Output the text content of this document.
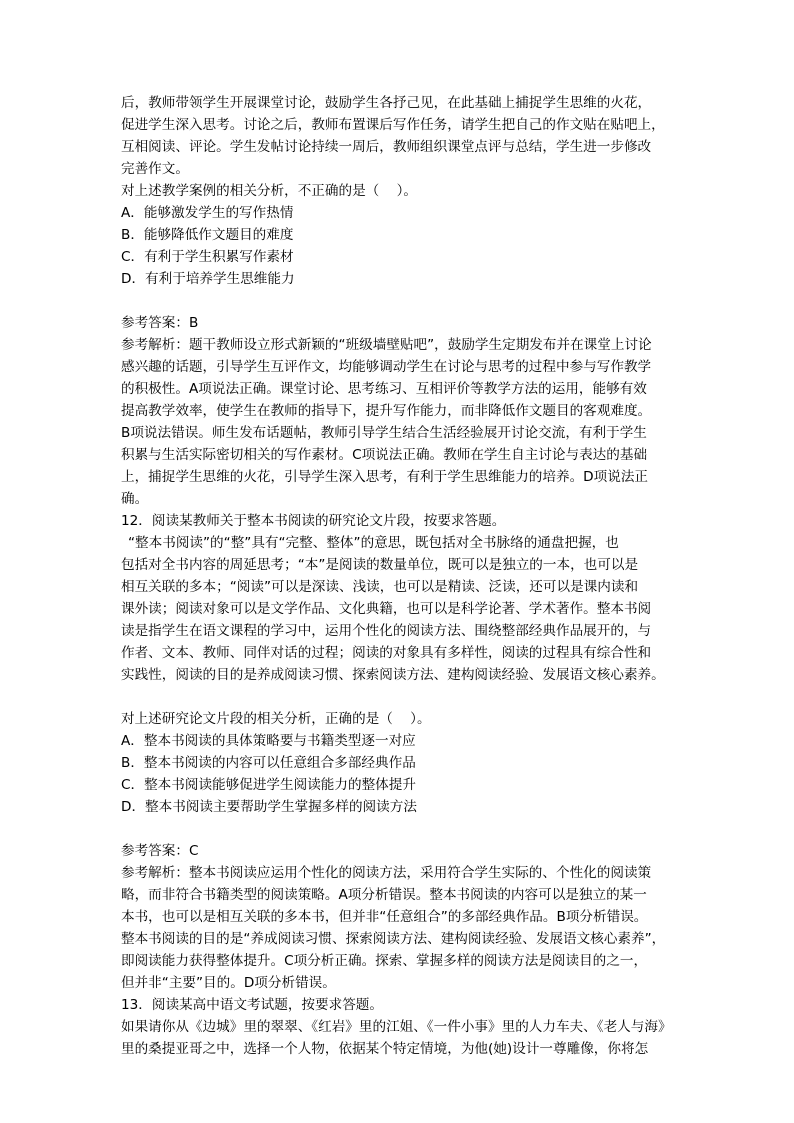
后，教师带领学生开展课堂讨论，鼓励学生各抒己见，在此基础上捕捉学生思维的火花，
促进学生深入思考。讨论之后，教师布置课后写作任务，请学生把自己的作文贴在贴吧上，
互相阅读、评论。学生发帖讨论持续一周后，教师组织课堂点评与总结，学生进一步修改
完善作文。
对上述教学案例的相关分析，不正确的是（    ）。
A．能够激发学生的写作热情
B．能够降低作文题目的难度
C．有利于学生积累写作素材
D．有利于培养学生思维能力
参考答案：B
参考解析：题干教师设立形式新颖的“班级墙壁贴吧”，鼓励学生定期发布并在课堂上讨论
感兴趣的话题，引导学生互评作文，均能够调动学生在讨论与思考的过程中参与写作教学
的积极性。A项说法正确。课堂讨论、思考练习、互相评价等教学方法的运用，能够有效
提高教学效率，使学生在教师的指导下，提升写作能力，而非降低作文题目的客观难度。
B项说法错误。师生发布话题帖，教师引导学生结合生活经验展开讨论交流，有利于学生
积累与生活实际密切相关的写作素材。C项说法正确。教师在学生自主讨论与表达的基础
上，捕捉学生思维的火花，引导学生深入思考，有利于学生思维能力的培养。D项说法正
确。
12．阅读某教师关于整本书阅读的研究论文片段，按要求答题。
“整本书阅读”的“整”具有“完整、整体”的意思，既包括对全书脉络的通盘把握，也
包括对全书内容的周延思考；“本”是阅读的数量单位，既可以是独立的一本，也可以是
相互关联的多本；“阅读”可以是深读、浅读，也可以是精读、泛读，还可以是课内读和
课外读；阅读对象可以是文学作品、文化典籍，也可以是科学论著、学术著作。整本书阅
读是指学生在语文课程的学习中，运用个性化的阅读方法、围绕整部经典作品展开的，与
作者、文本、教师、同伴对话的过程；阅读的对象具有多样性，阅读的过程具有综合性和
实践性，阅读的目的是养成阅读习惯、探索阅读方法、建构阅读经验、发展语文核心素养。
对上述研究论文片段的相关分析，正确的是（    ）。
A．整本书阅读的具体策略要与书籍类型逐一对应
B．整本书阅读的内容可以任意组合多部经典作品
C．整本书阅读能够促进学生阅读能力的整体提升
D．整本书阅读主要帮助学生掌握多样的阅读方法
参考答案：C
参考解析：整本书阅读应运用个性化的阅读方法，采用符合学生实际的、个性化的阅读策
略，而非符合书籍类型的阅读策略。A项分析错误。整本书阅读的内容可以是独立的某一
本书，也可以是相互关联的多本书，但并非“任意组合”的多部经典作品。B项分析错误。
整本书阅读的目的是“养成阅读习惯、探索阅读方法、建构阅读经验、发展语文核心素养”，
即阅读能力获得整体提升。C项分析正确。探索、掌握多样的阅读方法是阅读目的之一，
但并非“主要”目的。D项分析错误。
13．阅读某高中语文考试题，按要求答题。
如果请你从《边城》里的翠翠、《红岩》里的江姐、《一件小事》里的人力车夫、《老人与海》
里的桑提亚哥之中，选择一个人物，依据某个特定情境，为他(她)设计一尊雕像，你将怎
